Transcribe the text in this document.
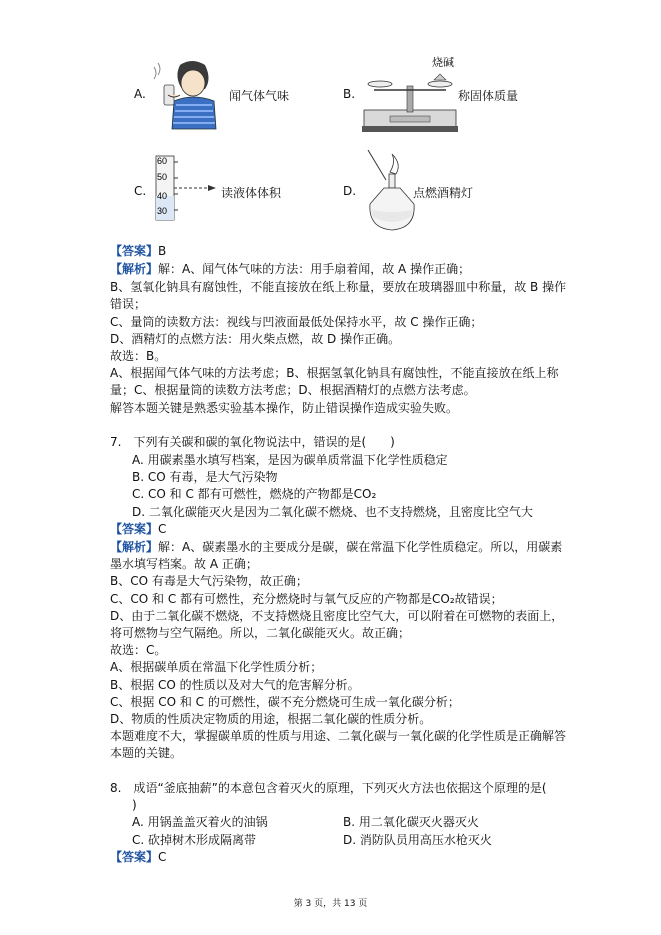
A.	闻气体气味	B.
烧碱
称固体质量
C.
60
50
40
30
读液体体积	D.	点燃酒精灯
【答案】B
【解析】解：A、闻气体气味的方法：用手扇着闻，故 A 操作正确；
B、氢氧化钠具有腐蚀性，不能直接放在纸上称量，要放在玻璃器皿中称量，故 B 操作
错误；
C、量筒的读数方法：视线与凹液面最低处保持水平，故 C 操作正确；
D、酒精灯的点燃方法：用火柴点燃，故 D 操作正确。
故选：B。
A、根据闻气体气味的方法考虑；B、根据氢氧化钠具有腐蚀性，不能直接放在纸上称
量；C、根据量筒的读数方法考虑；D、根据酒精灯的点燃方法考虑。
解答本题关键是熟悉实验基本操作，防止错误操作造成实验失败。
7.　下列有关碳和碳的氧化物说法中，错误的是(　　)
A. 用碳素墨水填写档案，是因为碳单质常温下化学性质稳定
B. CO 有毒，是大气污染物
C. CO 和 C 都有可燃性，燃烧的产物都是CO₂
D. 二氧化碳能灭火是因为二氧化碳不燃烧、也不支持燃烧，且密度比空气大
【答案】C
【解析】解：A、碳素墨水的主要成分是碳，碳在常温下化学性质稳定。所以，用碳素
墨水填写档案。故 A 正确；
B、CO 有毒是大气污染物，故正确；
C、CO 和 C 都有可燃性，充分燃烧时与氧气反应的产物都是CO₂故错误；
D、由于二氧化碳不燃烧，不支持燃烧且密度比空气大，可以附着在可燃物的表面上，
将可燃物与空气隔绝。所以，二氧化碳能灭火。故正确；
故选：C。
A、根据碳单质在常温下化学性质分析；
B、根据 CO 的性质以及对大气的危害解分析。
C、根据 CO 和 C 的可燃性，碳不充分燃烧可生成一氧化碳分析；
D、物质的性质决定物质的用途，根据二氧化碳的性质分析。
本题难度不大，掌握碳单质的性质与用途、二氧化碳与一氧化碳的化学性质是正确解答
本题的关键。
8.　成语“釜底抽薪”的本意包含着灭火的原理，下列灭火方法也依据这个原理的是(
)
A. 用锅盖盖灭着火的油锅	B. 用二氧化碳灭火器灭火
C. 砍掉树木形成隔离带	D. 消防队员用高压水枪灭火
【答案】C
第 3 页，共 13 页
